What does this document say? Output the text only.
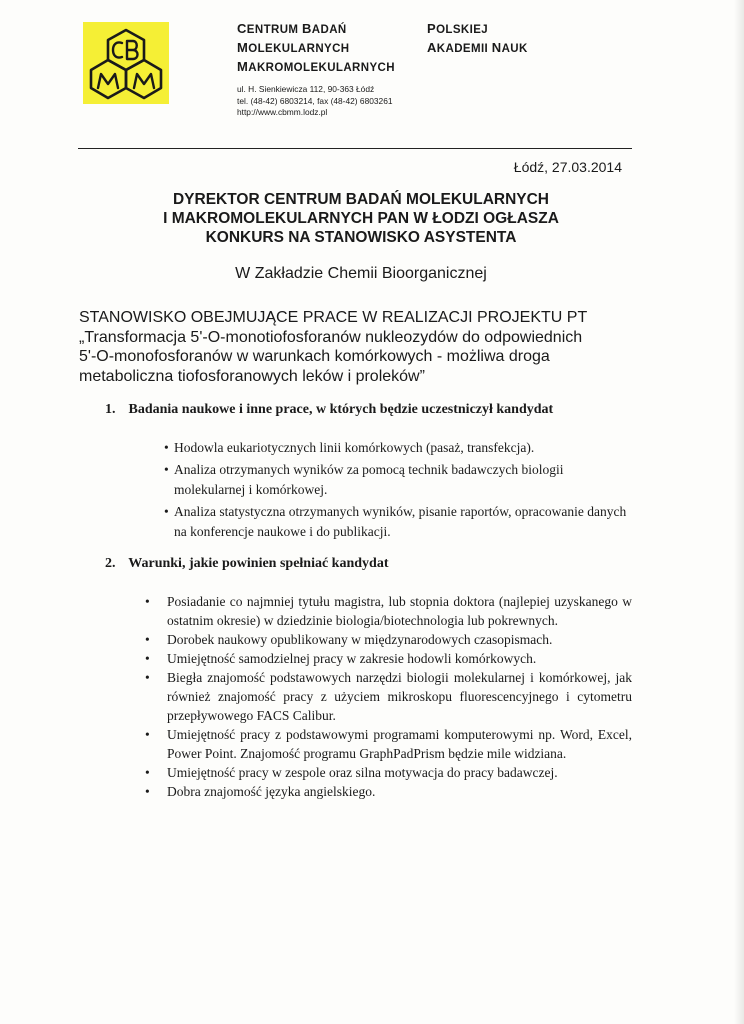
CENTRUM BADAŃ
MOLEKULARNYCH
MAKROMOLEKULARNYCH
POLSKIEJ
AKADEMII NAUK
ul. H. Sienkiewicza 112, 90-363 Łódź
tel. (48-42) 6803214, fax (48-42) 6803261
http://www.cbmm.lodz.pl
Łódź, 27.03.2014
DYREKTOR CENTRUM BADAŃ MOLEKULARNYCH
I MAKROMOLEKULARNYCH PAN W ŁODZI OGŁASZA
KONKURS NA STANOWISKO ASYSTENTA
W Zakładzie Chemii Bioorganicznej
STANOWISKO OBEJMUJĄCE PRACE W REALIZACJI PROJEKTU PT
„Transformacja 5'-O-monotiofosforanów nukleozydów do odpowiednich
5'-O-monofosforanów w warunkach komórkowych - możliwa droga
metaboliczna tiofosforanowych leków i proleków”
1. Badania naukowe i inne prace, w których będzie uczestniczył kandydat
• Hodowla eukariotycznych linii komórkowych (pasaż, transfekcja).
• Analiza otrzymanych wyników za pomocą technik badawczych biologii molekularnej i komórkowej.
• Analiza statystyczna otrzymanych wyników, pisanie raportów, opracowanie danych na konferencje naukowe i do publikacji.
2. Warunki, jakie powinien spełniać kandydat
• Posiadanie co najmniej tytułu magistra, lub stopnia doktora (najlepiej uzyskanego w ostatnim okresie) w dziedzinie biologia/biotechnologia lub pokrewnych.
• Dorobek naukowy opublikowany w międzynarodowych czasopismach.
• Umiejętność samodzielnej pracy w zakresie hodowli komórkowych.
• Biegła znajomość podstawowych narzędzi biologii molekularnej i komórkowej, jak również znajomość pracy z użyciem mikroskopu fluorescencyjnego i cytometru przepływowego FACS Calibur.
• Umiejętność pracy z podstawowymi programami komputerowymi np. Word, Excel, Power Point. Znajomość programu GraphPadPrism będzie mile widziana.
• Umiejętność pracy w zespole oraz silna motywacja do pracy badawczej.
• Dobra znajomość języka angielskiego.
